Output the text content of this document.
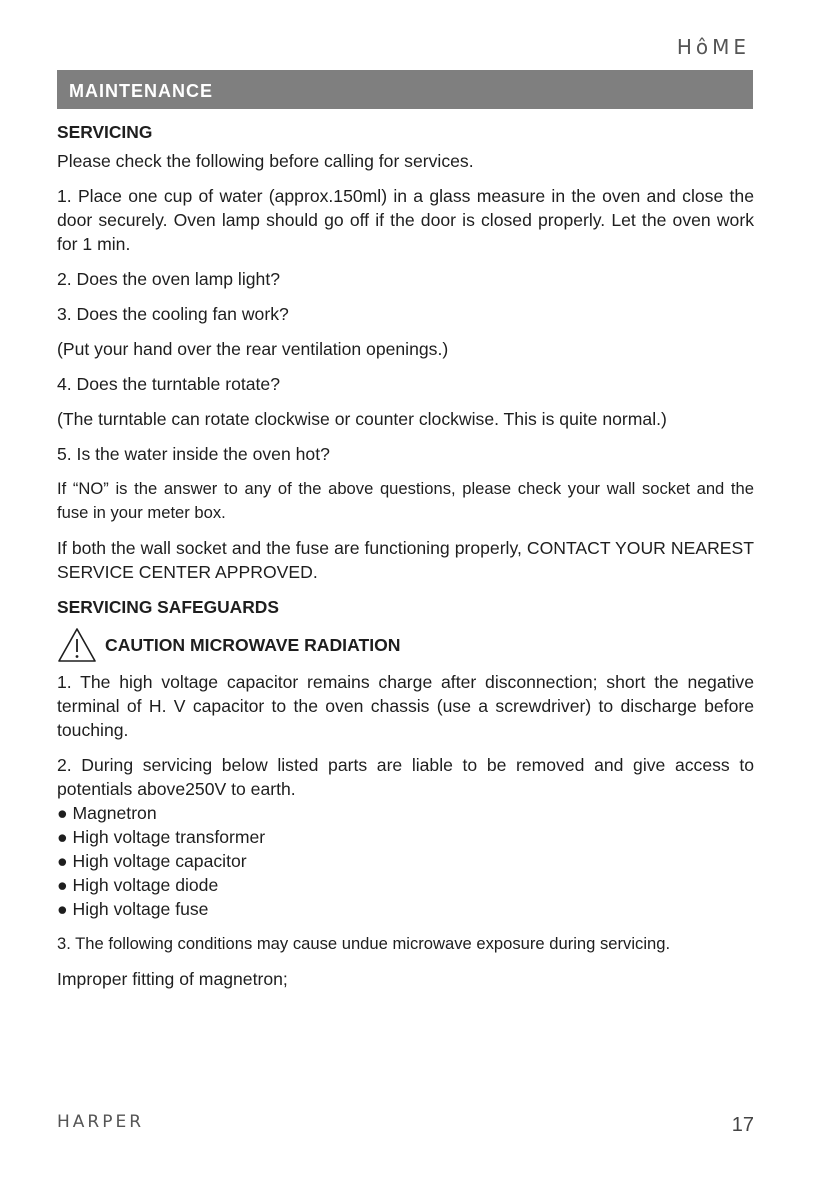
HôME
MAINTENANCE

SERVICING

Please check the following before calling for services.

1. Place one cup of water (approx.150ml) in a glass measure in the oven and close the door securely. Oven lamp should go off if the door is closed properly. Let the oven work for 1 min.

2. Does the oven lamp light?

3. Does the cooling fan work?

(Put your hand over the rear ventilation openings.)

4. Does the turntable rotate?

(The turntable can rotate clockwise or counter clockwise. This is quite normal.)

5. Is the water inside the oven hot?

If “NO” is the answer to any of the above questions, please check your wall socket and the fuse in your meter box.

If both the wall socket and the fuse are functioning properly, CONTACT YOUR NEAREST SERVICE CENTER APPROVED.

SERVICING SAFEGUARDS

CAUTION MICROWAVE RADIATION

1. The high voltage capacitor remains charge after disconnection; short the negative terminal of H. V capacitor to the oven chassis (use a screwdriver) to discharge before touching.

2. During servicing below listed parts are liable to be removed and give access to potentials above250V to earth.

● Magnetron

● High voltage transformer

● High voltage capacitor

● High voltage diode

● High voltage fuse

3. The following conditions may cause undue microwave exposure during servicing.

Improper fitting of magnetron;

HARPER	17
